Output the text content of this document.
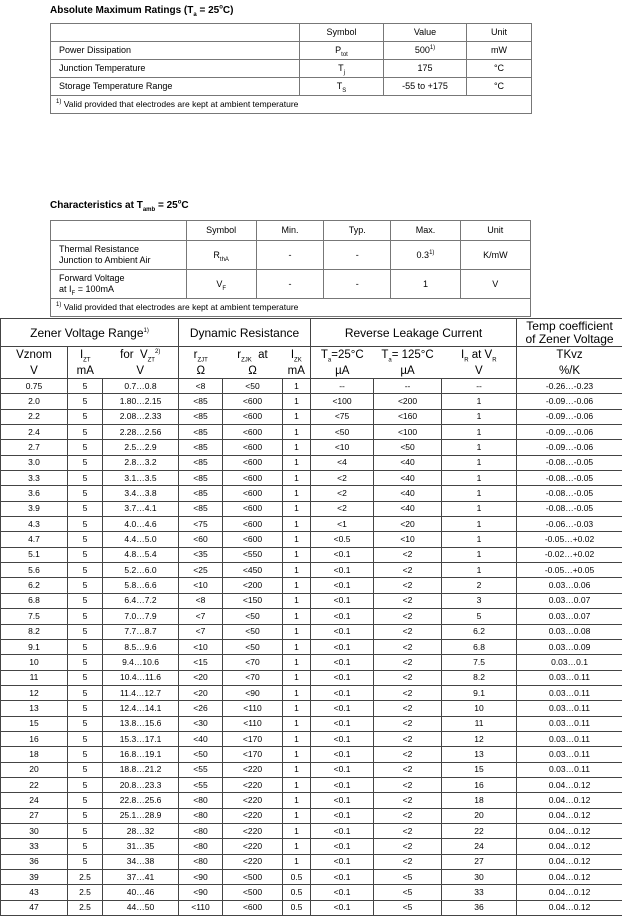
Absolute Maximum Ratings $(T_a = 25^oC)$
	Symbol	Value	Unit
Power Dissipation	$P_{tot}$	500$^{1)}$	mW
Junction Temperature	$T_j$	175	°C
Storage Temperature Range	$T_S$	-55 to +175	°C
$^{1)}$ Valid provided that electrodes are kept at ambient temperature			
Characteristics at $T_{amb} = 25^oC$
	Symbol	Min.	Typ.	Max.	Unit

Thermal Resistance
Junction to Ambient Air	$R_{thA}$	-	-	0.3$^{1)}$	K/mW

Forward Voltage
at $I_F = 100mA$	$V_F$	-	-	1	V
$^{1)}$ Valid provided that electrodes are kept at ambient temperature					
Zener Voltage Range$^{1)}$			Dynamic Resistance			Reverse Leakage Current			Temp coefficient
of Zener Voltage

Vznom	$I_{ZT}$	for $V_{ZT}^{2)}$	$r_{ZJT}$	$r_{ZJK}$ at	$I_{ZK}$	$T_a=25^\circ C$	$T_a= 125^\circ C$	$I_R$ at $V_R$	TKvz
V	mA	V	Ω	Ω	mA	µA	µA	V	%/K
0.75	5	0.7…0.8	<8	<50	1	--	--	--	-0.26…-0.23
2.0	5	1.80…2.15	<85	<600	1	<100	<200	1	-0.09…-0.06
2.2	5	2.08…2.33	<85	<600	1	<75	<160	1	-0.09…-0.06
2.4	5	2.28…2.56	<85	<600	1	<50	<100	1	-0.09…-0.06
2.7	5	2.5…2.9	<85	<600	1	<10	<50	1	-0.09…-0.06
3.0	5	2.8…3.2	<85	<600	1	<4	<40	1	-0.08…-0.05
3.3	5	3.1…3.5	<85	<600	1	<2	<40	1	-0.08…-0.05
3.6	5	3.4…3.8	<85	<600	1	<2	<40	1	-0.08…-0.05
3.9	5	3.7…4.1	<85	<600	1	<2	<40	1	-0.08…-0.05
4.3	5	4.0…4.6	<75	<600	1	<1	<20	1	-0.06…-0.03
4.7	5	4.4…5.0	<60	<600	1	<0.5	<10	1	-0.05…+0.02
5.1	5	4.8…5.4	<35	<550	1	<0.1	<2	1	-0.02…+0.02
5.6	5	5.2…6.0	<25	<450	1	<0.1	<2	1	-0.05…+0.05
6.2	5	5.8…6.6	<10	<200	1	<0.1	<2	2	0.03…0.06
6.8	5	6.4…7.2	<8	<150	1	<0.1	<2	3	0.03…0.07
7.5	5	7.0…7.9	<7	<50	1	<0.1	<2	5	0.03…0.07
8.2	5	7.7…8.7	<7	<50	1	<0.1	<2	6.2	0.03…0.08
9.1	5	8.5…9.6	<10	<50	1	<0.1	<2	6.8	0.03…0.09
10	5	9.4…10.6	<15	<70	1	<0.1	<2	7.5	0.03…0.1
11	5	10.4…11.6	<20	<70	1	<0.1	<2	8.2	0.03…0.11
12	5	11.4…12.7	<20	<90	1	<0.1	<2	9.1	0.03…0.11
13	5	12.4…14.1	<26	<110	1	<0.1	<2	10	0.03…0.11
15	5	13.8…15.6	<30	<110	1	<0.1	<2	11	0.03…0.11
16	5	15.3…17.1	<40	<170	1	<0.1	<2	12	0.03…0.11
18	5	16.8…19.1	<50	<170	1	<0.1	<2	13	0.03…0.11
20	5	18.8…21.2	<55	<220	1	<0.1	<2	15	0.03…0.11
22	5	20.8…23.3	<55	<220	1	<0.1	<2	16	0.04…0.12
24	5	22.8…25.6	<80	<220	1	<0.1	<2	18	0.04…0.12
27	5	25.1…28.9	<80	<220	1	<0.1	<2	20	0.04…0.12
30	5	28…32	<80	<220	1	<0.1	<2	22	0.04…0.12
33	5	31…35	<80	<220	1	<0.1	<2	24	0.04…0.12
36	5	34…38	<80	<220	1	<0.1	<2	27	0.04…0.12
39	2.5	37…41	<90	<500	0.5	<0.1	<5	30	0.04…0.12
43	2.5	40…46	<90	<500	0.5	<0.1	<5	33	0.04…0.12
47	2.5	44…50	<110	<600	0.5	<0.1	<5	36	0.04…0.12
